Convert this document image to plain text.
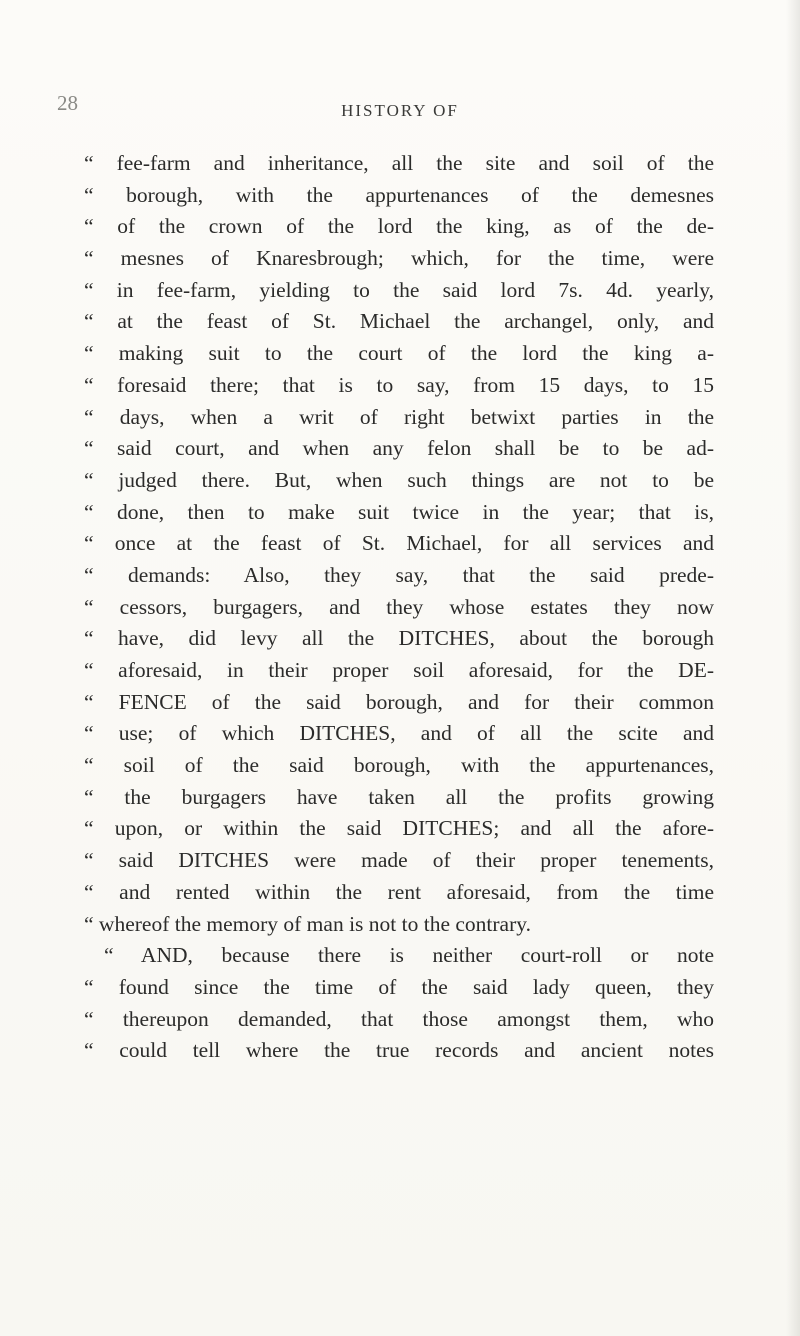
28	HISTORY OF
“ fee-farm and inheritance, all the site and soil of the
“ borough, with the appurtenances of the demesnes
“ of the crown of the lord the king, as of the de-
“ mesnes of Knaresbrough; which, for the time, were
“ in fee-farm, yielding to the said lord 7s. 4d. yearly,
“ at the feast of St. Michael the archangel, only, and
“ making suit to the court of the lord the king a-
“ foresaid there; that is to say, from 15 days, to 15
“ days, when a writ of right betwixt parties in the
“ said court, and when any felon shall be to be ad-
“ judged there. But, when such things are not to be
“ done, then to make suit twice in the year; that is,
“ once at the feast of St. Michael, for all services and
“ demands: Also, they say, that the said prede-
“ cessors, burgagers, and they whose estates they now
“ have, did levy all the DITCHES, about the borough
“ aforesaid, in their proper soil aforesaid, for the DE-
“ FENCE of the said borough, and for their common
“ use; of which DITCHES, and of all the scite and
“ soil of the said borough, with the appurtenances,
“ the burgagers have taken all the profits growing
“ upon, or within the said DITCHES; and all the afore-
“ said DITCHES were made of their proper tenements,
“ and rented within the rent aforesaid, from the time
“ whereof the memory of man is not to the contrary.
“ AND, because there is neither court-roll or note
“ found since the time of the said lady queen, they
“ thereupon demanded, that those amongst them, who
“ could tell where the true records and ancient notes
